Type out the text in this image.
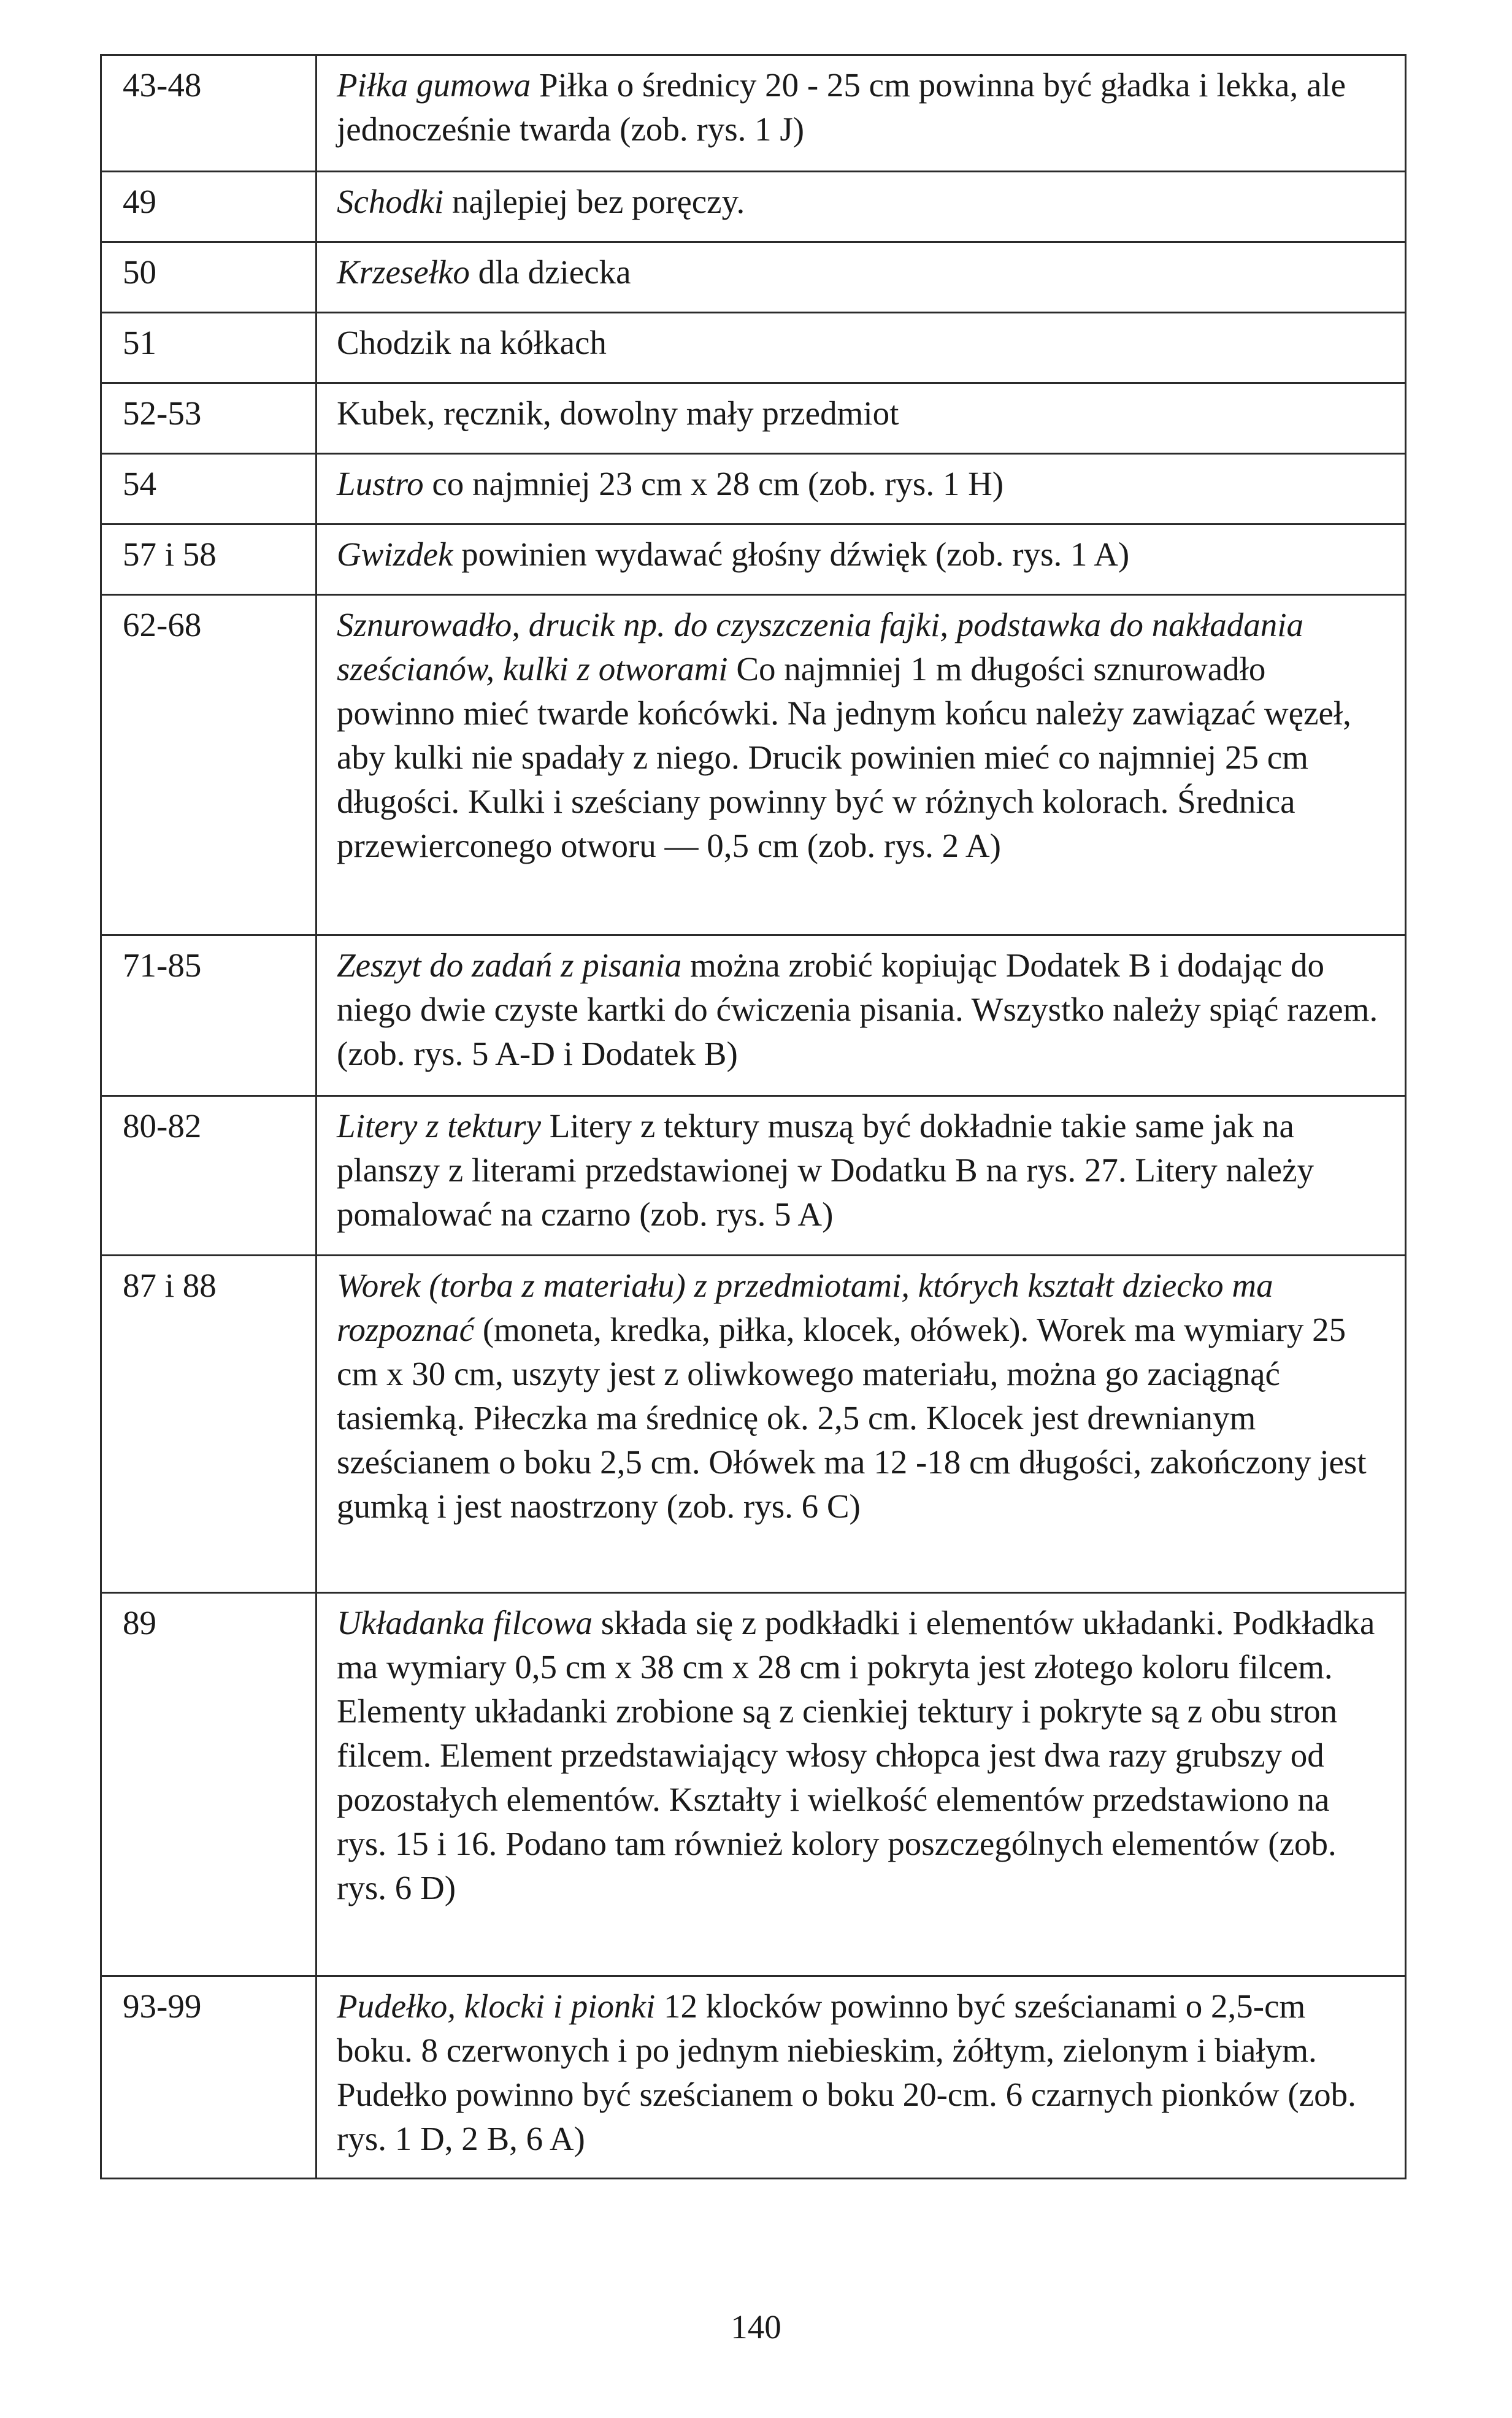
43-48	Piłka gumowa Piłka o średnicy 20 - 25 cm powinna być gładka i lekka, ale jednocześnie twarda (zob. rys. 1 J)
49	Schodki najlepiej bez poręczy.
50	Krzesełko dla dziecka
51	Chodzik na kółkach
52-53	Kubek, ręcznik, dowolny mały przedmiot
54	Lustro co najmniej 23 cm x 28 cm (zob. rys. 1 H)
57 i 58	Gwizdek powinien wydawać głośny dźwięk (zob. rys. 1 A)
62-68	Sznurowadło, drucik np. do czyszczenia fajki, podstawka do nakładania sześcianów, kulki z otworami Co najmniej 1 m długości sznurowadło powinno mieć twarde końcówki. Na jednym końcu należy zawiązać węzeł, aby kulki nie spadały z niego. Drucik powinien mieć co najmniej 25 cm długości. Kulki i sześciany powinny być w różnych kolorach. Średnica przewierconego otworu — 0,5 cm (zob. rys. 2 A)
71-85	Zeszyt do zadań z pisania można zrobić kopiując Dodatek B i dodając do niego dwie czyste kartki do ćwiczenia pisania. Wszystko należy spiąć razem. (zob. rys. 5 A-D i Dodatek B)
80-82	Litery z tektury Litery z tektury muszą być dokładnie takie same jak na planszy z literami przedstawionej w Dodatku B na rys. 27. Litery należy pomalować na czarno (zob. rys. 5 A)
87 i 88	Worek (torba z materiału) z przedmiotami, których kształt dziecko ma rozpoznać (moneta, kredka, piłka, klocek, ołówek). Worek ma wymiary 25 cm x 30 cm, uszyty jest z oliwkowego materiału, można go zaciągnąć tasiemką. Piłeczka ma średnicę ok. 2,5 cm. Klocek jest drewnianym sześcianem o boku 2,5 cm. Ołówek ma 12 -18 cm długości, zakończony jest gumką i jest naostrzony (zob. rys. 6 C)
89	Układanka filcowa składa się z podkładki i elementów układanki. Podkładka ma wymiary 0,5 cm x 38 cm x 28 cm i pokryta jest złotego koloru filcem. Elementy układanki zrobione są z cienkiej tektury i pokryte są z obu stron filcem. Element przedstawiający włosy chłopca jest dwa razy grubszy od pozostałych elementów. Kształty i wielkość elementów przedstawiono na rys. 15 i 16. Podano tam również kolory poszczególnych elementów (zob. rys. 6 D)
93-99	Pudełko, klocki i pionki 12 klocków powinno być sześcianami o 2,5-cm boku. 8 czerwonych i po jednym niebieskim, żółtym, zielonym i białym. Pudełko powinno być sześcianem o boku 20-cm. 6 czarnych pionków (zob. rys. 1 D, 2 B, 6 A)
140
